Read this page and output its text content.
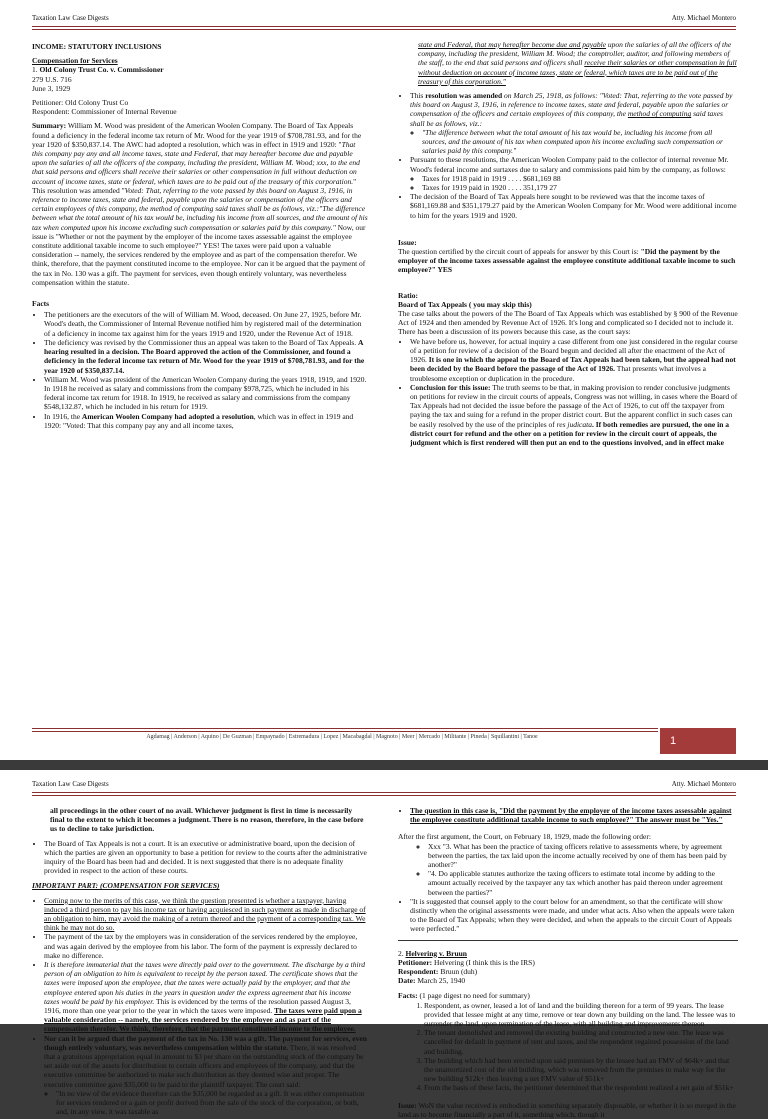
Taxation Law Case Digests	Atty. Michael Montero

INCOME: STATUTORY INCLUSIONS

Compensation for Services

1. Old Colony Trust Co. v. Commissioner
279 U.S. 716

June 3, 1929

Petitioner: Old Colony Trust Co

Respondent: Commissioner of Internal Revenue

Summary: William M. Wood was president of the American Woolen Company. The Board of Tax Appeals found a deficiency in the federal income tax return of Mr. Wood for the year 1919 of $708,781.93, and for the year 1920 of $350,837.14. The AWC had adopted a resolution, which was in effect in 1919 and 1920: "That this company pay any and all income taxes, state and Federal, that may hereafter become due and payable upon the salaries of all the officers of the company, including the president, William M. Wood; xxx, to the end that said persons and officers shall receive their salaries or other compensation in full without deduction on account of income taxes, state or federal, which taxes are to be paid out of the treasury of this corporation." This resolution was amended "Voted: That, referring to the vote passed by this board on August 3, 1916, in reference to income taxes, state and federal, payable upon the salaries or compensation of the officers and certain employees of this company, the method of computing said taxes shall be as follows, viz.:"The difference between what the total amount of his tax would be, including his income from all sources, and the amount of his tax when computed upon his income excluding such compensation or salaries paid by this company." Now, our issue is "Whether or not the payment by the employer of the income taxes assessable against the employee constitute additional taxable income to such employee?" YES! The taxes were paid upon a valuable consideration -- namely, the services rendered by the employee and as part of the compensation therefor. We think, therefore, that the payment constituted income to the employee. Nor can it be argued that the payment of the tax in No. 130 was a gift. The payment for services, even though entirely voluntary, was nevertheless compensation within the statute.

Facts

• The petitioners are the executors of the will of William M. Wood, deceased. On June 27, 1925, before Mr. Wood's death, the Commissioner of Internal Revenue notified him by registered mail of the determination of a deficiency in income tax against him for the years 1919 and 1920, under the Revenue Act of 1918.
• The deficiency was revised by the Commissioner thus an appeal was taken to the Board of Tax Appeals. A hearing resulted in a decision. The Board approved the action of the Commissioner, and found a deficiency in the federal income tax return of Mr. Wood for the year 1919 of $708,781.93, and for the year 1920 of $350,837.14.
• William M. Wood was president of the American Woolen Company during the years 1918, 1919, and 1920. In 1918 he received as salary and commissions from the company $978,725, which he included in his federal income tax return for 1918. In 1919, he received as salary and commissions from the company $548,132.87, which he included in his return for 1919.
• In 1916, the American Woolen Company had adopted a resolution, which was in effect in 1919 and 1920: "Voted: That this company pay any and all income taxes,

state and Federal, that may hereafter become due and payable upon the salaries of all the officers of the company, including the president, William M. Wood; the comptroller, auditor, and following members of the staff, to the end that said persons and officers shall receive their salaries or other compensation in full without deduction on account of income taxes, state or federal, which taxes are to be paid out of the treasury of this corporation."

• This resolution was amended on March 25, 1918, as follows: "Voted: That, referring to the vote passed by this board on August 3, 1916, in reference to income taxes, state and federal, payable upon the salaries or compensation of the officers and certain employees of this company, the method of computing said taxes shall be as follows, viz.:
◦ "The difference between what the total amount of his tax would be, including his income from all sources, and the amount of his tax when computed upon his income excluding such compensation or salaries paid by this company."
• Pursuant to these resolutions, the American Woolen Company paid to the collector of internal revenue Mr. Wood's federal income and surtaxes due to salary and commissions paid him by the company, as follows:
◦ Taxes for 1918 paid in 1919 . . . . $681,169 88
◦ Taxes for 1919 paid in 1920 . . . . 351,179 27
• The decision of the Board of Tax Appeals here sought to be reviewed was that the income taxes of $681,169.88 and $351,179.27 paid by the American Woolen Company for Mr. Wood were additional income to him for the years 1919 and 1920.

Issue:

The question certified by the circuit court of appeals for answer by this Court is: "Did the payment by the employer of the income taxes assessable against the employee constitute additional taxable income to such employee?" YES

Ratio:

Board of Tax Appeals ( you may skip this)

The case talks about the powers of the The Board of Tax Appeals which was established by § 900 of the Revenue Act of 1924 and then amended by Revenue Act of 1926. It's long and complicated so I decided not to include it. There has been a discussion of its powers because this case, as the court says:

• We have before us, however, for actual inquiry a case different from one just considered in the regular course of a petition for review of a decision of the Board begun and decided all after the enactment of the Act of 1926. It is one in which the appeal to the Board of Tax Appeals had been taken, but the appeal had not been decided by the Board before the passage of the Act of 1926. That presents what involves a troublesome exception or duplication in the procedure.
• Conclusion for this issue: The truth seems to be that, in making provision to render conclusive judgments on petitions for review in the circuit courts of appeals, Congress was not willing, in cases where the Board of Tax Appeals had not decided the issue before the passage of the Act of 1926, to cut off the taxpayer from paying the tax and suing for a refund in the proper district court. But the apparent conflict in such cases can be easily resolved by the use of the principles of res judicata. If both remedies are pursued, the one in a district court for refund and the other on a petition for review in the circuit court of appeals, the judgment which is first rendered will then put an end to the questions involved, and in effect make
Agdamag | Anderson | Aquino | De Guzman | Empaynado | Estremadura | Lopez | Macabagdal | Magnoto | Meer | Mercado | Militante | Pineda | Squillantini | Tanoe	1
Taxation Law Case Digests	Atty. Michael Montero

all proceedings in the other court of no avail. Whichever judgment is first in time is necessarily final to the extent to which it becomes a judgment. There is no reason, therefore, in the case before us to decline to take jurisdiction.

• The Board of Tax Appeals is not a court. It is an executive or administrative board, upon the decision of which the parties are given an opportunity to base a petition for review to the courts after the administrative inquiry of the Board has been had and decided. It is next suggested that there is no adequate finality provided in respect to the action of these courts.

IMPORTANT PART: (COMPENSATION FOR SERVICES)

• Coming now to the merits of this case, we think the question presented is whether a taxpayer, having induced a third person to pay his income tax or having acquiesced in such payment as made in discharge of an obligation to him, may avoid the making of a return thereof and the payment of a corresponding tax. We think he may not do so.
• The payment of the tax by the employers was in consideration of the services rendered by the employee, and was again derived by the employee from his labor. The form of the payment is expressly declared to make no difference.
• It is therefore immaterial that the taxes were directly paid over to the government. The discharge by a third person of an obligation to him is equivalent to receipt by the person taxed. The certificate shows that the taxes were imposed upon the employee, that the taxes were actually paid by the employer, and that the employee entered upon his duties in the years in question under the express agreement that his income taxes would be paid by his employer. This is evidenced by the terms of the resolution passed August 3, 1916, more than one year prior to the year in which the taxes were imposed. The taxes were paid upon a valuable consideration -- namely, the services rendered by the employee and as part of the compensation therefor. We think, therefore, that the payment constituted income to the employee.
• Nor can it be argued that the payment of the tax in No. 130 was a gift. The payment for services, even though entirely voluntary, was nevertheless compensation within the statute. There, it was resolved that a gratuitous appropriation equal in amount to $3 per share on the outstanding stock of the company be set aside out of the assets for distribution to certain officers and employees of the company, and that the executive committee be authorized to make such distribution as they deemed wise and proper. The executive committee gave $35,000 to be paid to the plaintiff taxpayer. The court said:
◦ "In no view of the evidence therefore can the $35,000 be regarded as a gift. It was either compensation for services rendered or a gain or profit derived from the sale of the stock of the corporation, or both, and, in any view, it was taxable as
• The question in this case is, "Did the payment by the employer of the income taxes assessable against the employee constitute additional taxable income to such employee?" The answer must be "Yes."

After the first argument, the Court, on February 18, 1929, made the following order:

◦ Xxx "3. What has been the practice of taxing officers relative to assessments where, by agreement between the parties, the tax laid upon the income actually received by one of them has been paid by another?"
◦ "4. Do applicable statutes authorize the taxing officers to estimate total income by adding to the amount actually received by the taxpayer any tax which another has paid thereon under agreement between the parties?"
• "It is suggested that counsel apply to the court below for an amendment, so that the certificate will show distinctly when the original assessments were made, and under what acts. Also when the appeals were taken to the Board of Tax Appeals; when they were decided, and when the appeals to the circuit Court of Appeals were perfected."
2. Helvering v. Bruun
Petitioner: Helvering (I think this is the IRS)
Respondent: Bruun (duh)

Date: March 25, 1940

Facts: (1 page digest no need for summary)

1. Respondent, as owner, leased a lot of land and the building thereon for a term of 99 years. The lease provided that lessee might at any time, remove or tear down any building on the land. The lessee was to surrender the land, upon termination of the lease, with all building and improvements thereon
2. The tenant demolished and removed the existing building and constructed a new one. The lease was cancelled for default in payment of rent and taxes, and the respondent regained possession of the land and building.
3. The building which had been erected upon said premises by the lessee had an FMV of $64k+ and that the unamortized cost of the old building, which was removed from the premises to make way for the new building $12k+ thus leaving a net FMV value of $51k+
4. From the basis of these facts, the petitioner determined that the respondent realized a net gain of $51k+

Issue: WoN the value received is embodied in something separately disposable, or whether it is so merged in the land as to become financially a part of it, something which, though it
